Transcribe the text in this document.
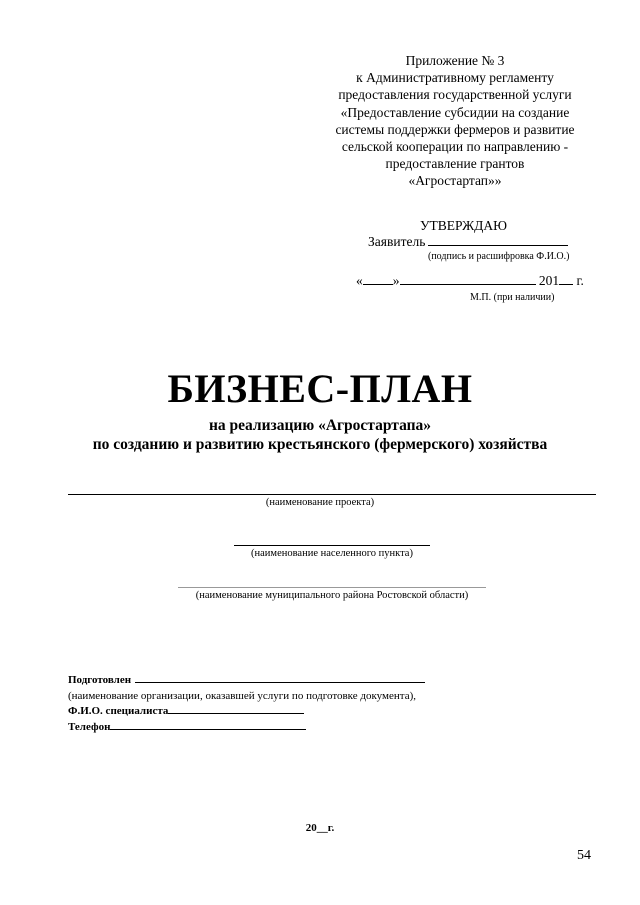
Приложение № 3
к Административному регламенту
предоставления государственной услуги
«Предоставление субсидии на создание
системы поддержки фермеров и развитие
сельской кооперации по направлению -
предоставление грантов
«Агростартап»»
УТВЕРЖДАЮ
Заявитель
(подпись и расшифровка Ф.И.О.)
« »	201 г.
М.П. (при наличии)
БИЗНЕС-ПЛАН
на реализацию «Агростартапа»
по созданию и развитию крестьянского (фермерского) хозяйства
(наименование проекта)
(наименование населенного пункта)
(наименование муниципального района Ростовской области)
Подготовлен
(наименование организации, оказавшей услуги по подготовке документа),
Ф.И.О. специалиста
Телефон
20__г.
54
